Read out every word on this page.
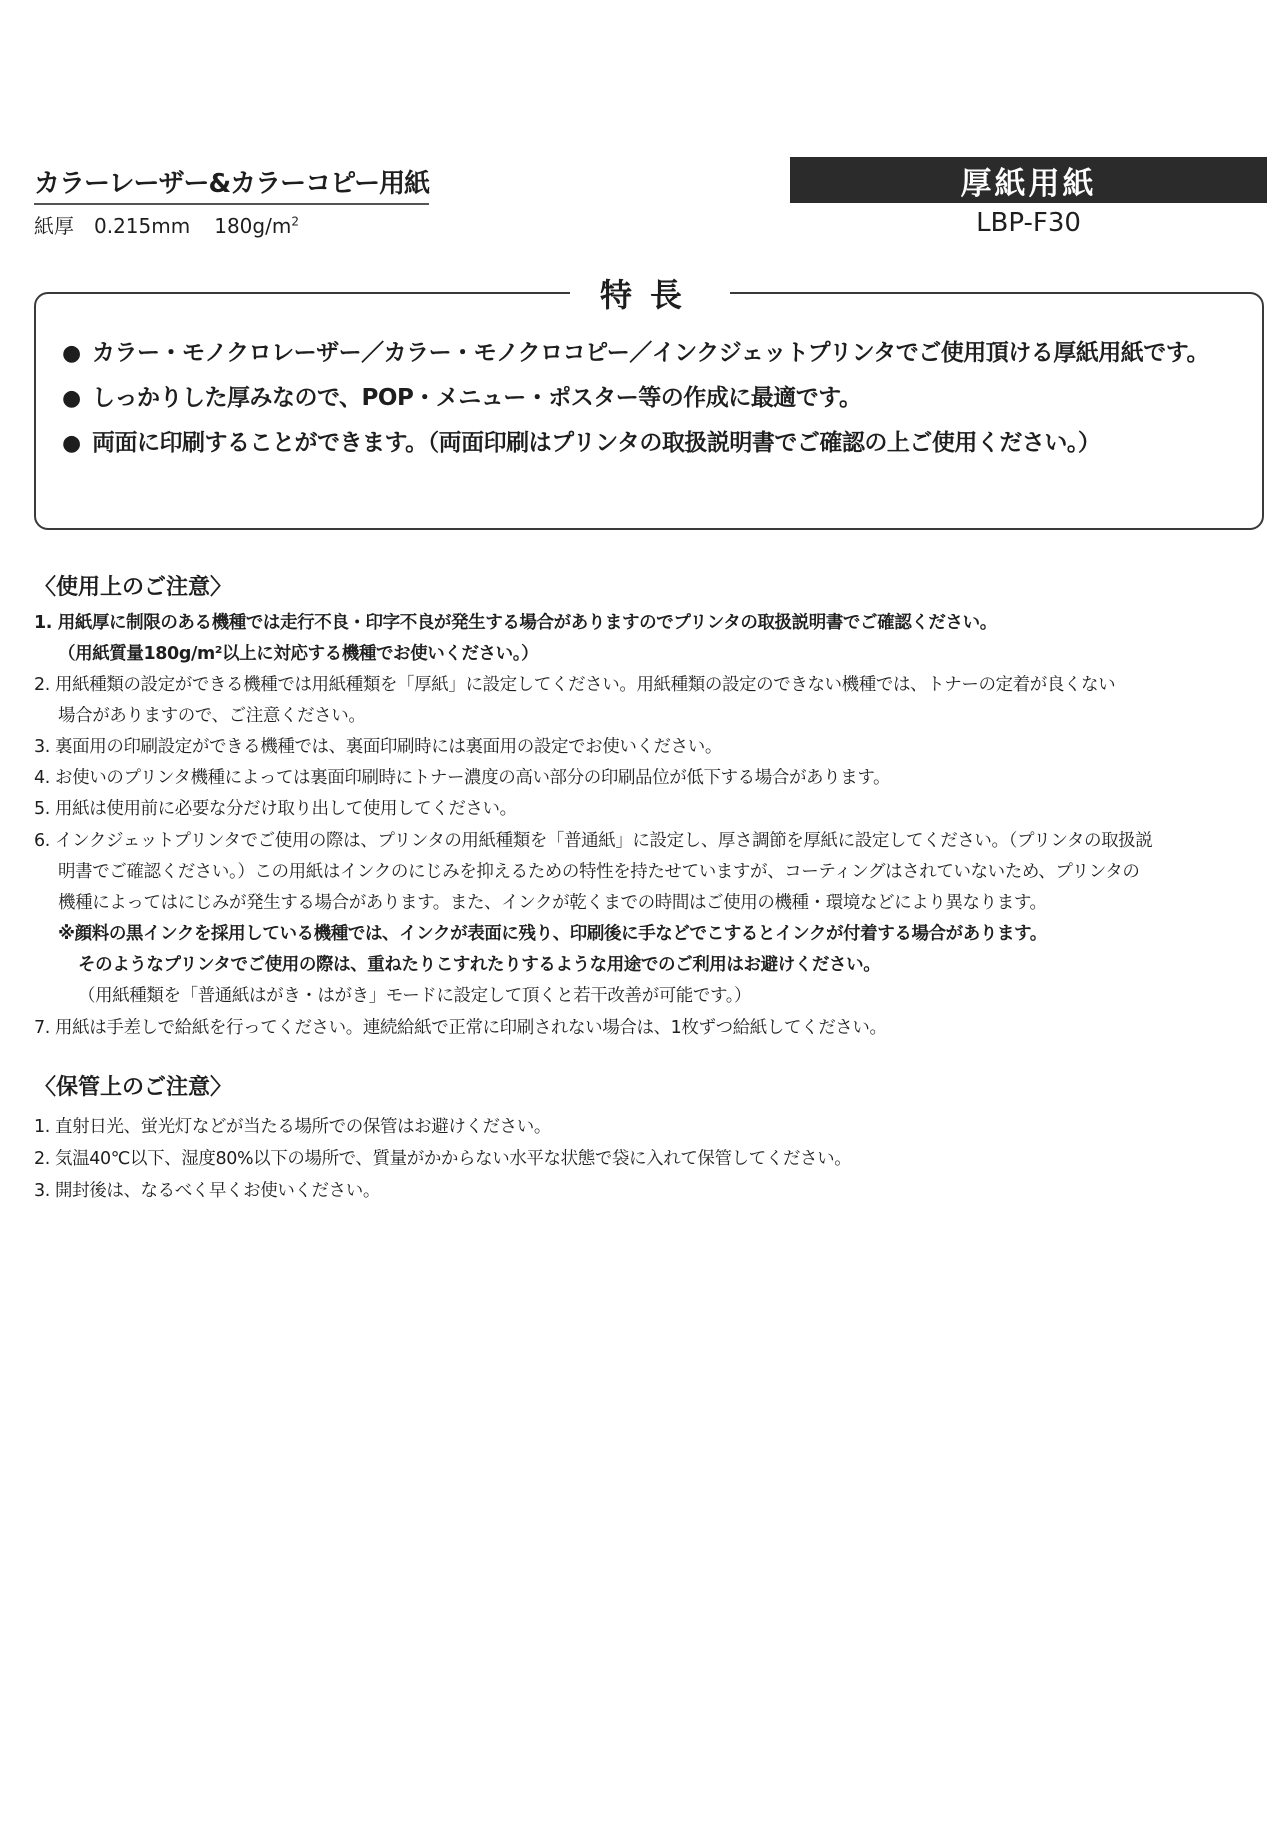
カラーレーザー&カラーコピー用紙
紙厚　0.215mm $180g/m^2$
厚紙用紙
LBP-F30
特長
● カラー・モノクロレーザー／カラー・モノクロコピー／インクジェットプリンタでご使用頂ける厚紙用紙です。
● しっかりした厚みなので、POP・メニュー・ポスター等の作成に最適です。
● 両面に印刷することができます。（両面印刷はプリンタの取扱説明書でご確認の上ご使用ください。）
〈使用上のご注意〉
1. 用紙厚に制限のある機種では走行不良・印字不良が発生する場合がありますのでプリンタの取扱説明書でご確認ください。
（用紙質量180g/m²以上に対応する機種でお使いください。）
2. 用紙種類の設定ができる機種では用紙種類を「厚紙」に設定してください。用紙種類の設定のできない機種では、トナーの定着が良くない
場合がありますので、ご注意ください。
3. 裏面用の印刷設定ができる機種では、裏面印刷時には裏面用の設定でお使いください。
4. お使いのプリンタ機種によっては裏面印刷時にトナー濃度の高い部分の印刷品位が低下する場合があります。
5. 用紙は使用前に必要な分だけ取り出して使用してください。
6. インクジェットプリンタでご使用の際は、プリンタの用紙種類を「普通紙」に設定し、厚さ調節を厚紙に設定してください。（プリンタの取扱説
明書でご確認ください。）この用紙はインクのにじみを抑えるための特性を持たせていますが、コーティングはされていないため、プリンタの
機種によってはにじみが発生する場合があります。また、インクが乾くまでの時間はご使用の機種・環境などにより異なります。
※顔料の黒インクを採用している機種では、インクが表面に残り、印刷後に手などでこするとインクが付着する場合があります。
そのようなプリンタでご使用の際は、重ねたりこすれたりするような用途でのご利用はお避けください。
（用紙種類を「普通紙はがき・はがき」モードに設定して頂くと若干改善が可能です。）
7. 用紙は手差しで給紙を行ってください。連続給紙で正常に印刷されない場合は、1枚ずつ給紙してください。
〈保管上のご注意〉
1. 直射日光、蛍光灯などが当たる場所での保管はお避けください。
2. 気温40℃以下、湿度80%以下の場所で、質量がかからない水平な状態で袋に入れて保管してください。
3. 開封後は、なるべく早くお使いください。
